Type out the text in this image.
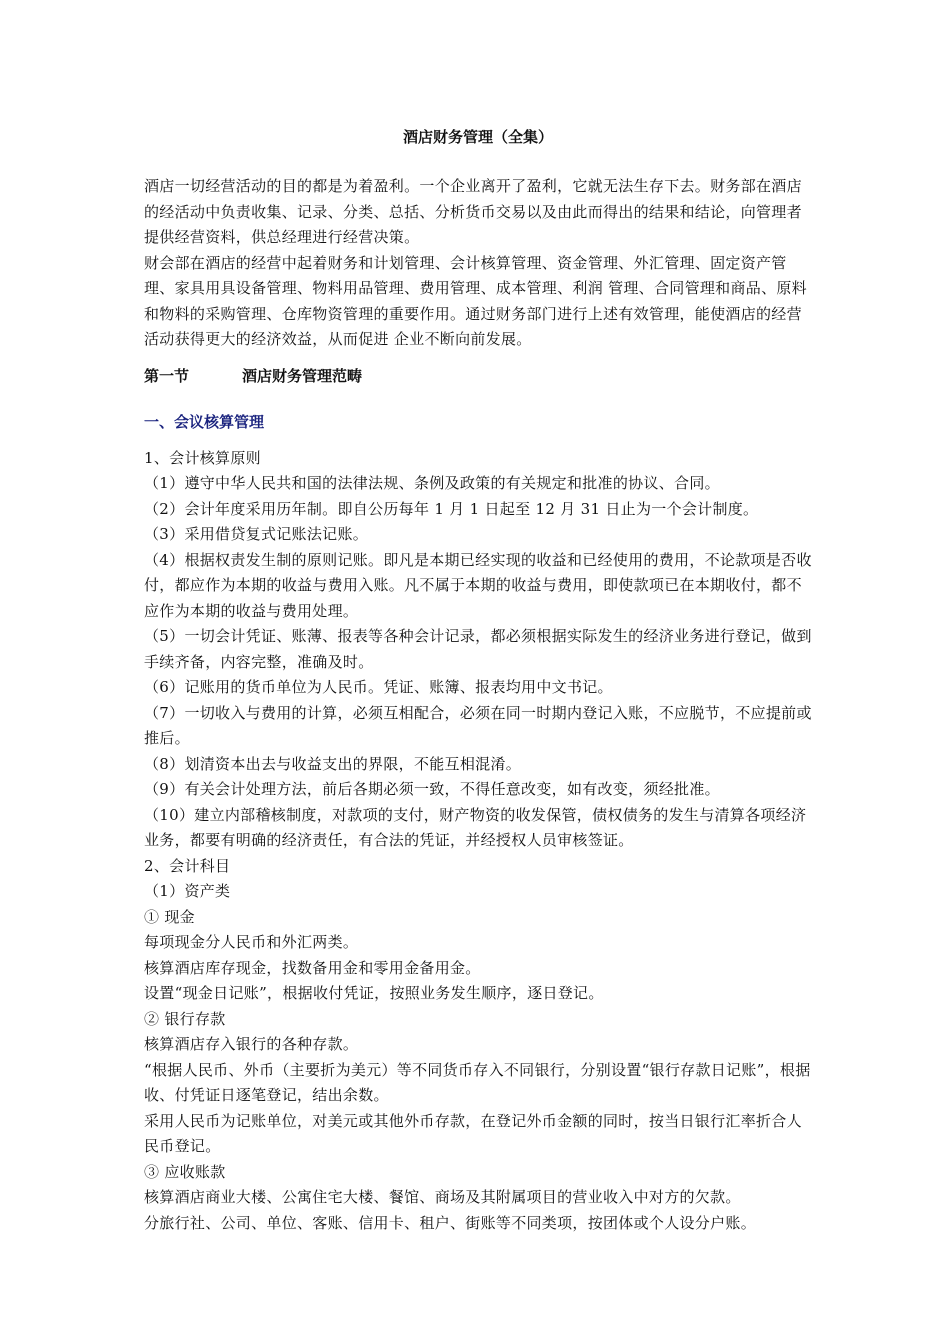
酒店财务管理（全集）

酒店一切经营活动的目的都是为着盈利。一个企业离开了盈利，它就无法生存下去。财务部在酒店的经活动中负责收集、记录、分类、总括、分析货币交易以及由此而得出的结果和结论，向管理者提供经营资料，供总经理进行经营决策。

财会部在酒店的经营中起着财务和计划管理、会计核算管理、资金管理、外汇管理、固定资产管理、家具用具设备管理、物料用品管理、费用管理、成本管理、利润 管理、合同管理和商品、原料和物料的采购管理、仓库物资管理的重要作用。通过财务部门进行上述有效管理，能使酒店的经营活动获得更大的经济效益，从而促进 企业不断向前发展。

第一节	酒店财务管理范畴
一、会议核算管理

1、会计核算原则

（1）遵守中华人民共和国的法律法规、条例及政策的有关规定和批准的协议、合同。

（2）会计年度采用历年制。即自公历每年 1 月 1 日起至 12 月 31 日止为一个会计制度。

（3）采用借贷复式记账法记账。

（4）根据权责发生制的原则记账。即凡是本期已经实现的收益和已经使用的费用，不论款项是否收付，都应作为本期的收益与费用入账。凡不属于本期的收益与费用，即使款项已在本期收付，都不应作为本期的收益与费用处理。

（5）一切会计凭证、账薄、报表等各种会计记录，都必须根据实际发生的经济业务进行登记，做到手续齐备，内容完整，准确及时。

（6）记账用的货币单位为人民币。凭证、账簿、报表均用中文书记。

（7）一切收入与费用的计算，必须互相配合，必须在同一时期内登记入账，不应脱节，不应提前或推后。

（8）划清资本出去与收益支出的界限，不能互相混淆。

（9）有关会计处理方法，前后各期必须一致，不得任意改变，如有改变，须经批准。

（10）建立内部稽核制度，对款项的支付，财产物资的收发保管，债权债务的发生与清算各项经济业务，都要有明确的经济责任，有合法的凭证，并经授权人员审核签证。

2、会计科目

（1）资产类

① 现金

每项现金分人民币和外汇两类。

核算酒店库存现金，找数备用金和零用金备用金。

设置“现金日记账”，根据收付凭证，按照业务发生顺序，逐日登记。

② 银行存款

核算酒店存入银行的各种存款。

“根据人民币、外币（主要折为美元）等不同货币存入不同银行，分别设置“银行存款日记账”，根据收、付凭证日逐笔登记，结出余数。

采用人民币为记账单位，对美元或其他外币存款，在登记外币金额的同时，按当日银行汇率折合人民币登记。

③ 应收账款

核算酒店商业大楼、公寓住宅大楼、餐馆、商场及其附属项目的营业收入中对方的欠款。

分旅行社、公司、单位、客账、信用卡、租户、街账等不同类项，按团体或个人设分户账。
